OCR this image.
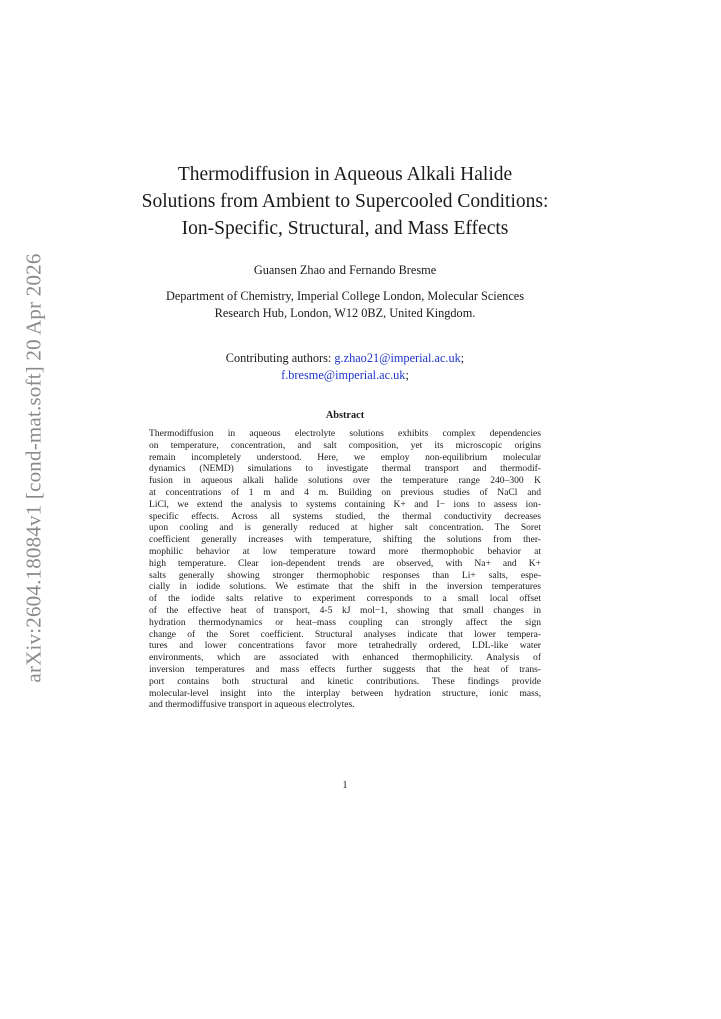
arXiv:2604.18084v1 [cond-mat.soft] 20 Apr 2026
Thermodiffusion in Aqueous Alkali Halide
Solutions from Ambient to Supercooled Conditions:
Ion-Specific, Structural, and Mass Effects
Guansen Zhao and Fernando Bresme
Department of Chemistry, Imperial College London, Molecular Sciences
Research Hub, London, W12 0BZ, United Kingdom.
Contributing authors: g.zhao21@imperial.ac.uk;
f.bresme@imperial.ac.uk;
Abstract
Thermodiffusion in aqueous electrolyte solutions exhibits complex dependencies
on temperature, concentration, and salt composition, yet its microscopic origins
remain incompletely understood. Here, we employ non-equilibrium molecular
dynamics (NEMD) simulations to investigate thermal transport and thermodif-
fusion in aqueous alkali halide solutions over the temperature range 240–300 K
at concentrations of 1 m and 4 m. Building on previous studies of NaCl and
LiCl, we extend the analysis to systems containing K+ and I− ions to assess ion-
specific effects. Across all systems studied, the thermal conductivity decreases
upon cooling and is generally reduced at higher salt concentration. The Soret
coefficient generally increases with temperature, shifting the solutions from ther-
mophilic behavior at low temperature toward more thermophobic behavior at
high temperature. Clear ion-dependent trends are observed, with Na+ and K+
salts generally showing stronger thermophobic responses than Li+ salts, espe-
cially in iodide solutions. We estimate that the shift in the inversion temperatures
of the iodide salts relative to experiment corresponds to a small local offset
of the effective heat of transport, 4-5 kJ mol−1, showing that small changes in
hydration thermodynamics or heat–mass coupling can strongly affect the sign
change of the Soret coefficient. Structural analyses indicate that lower tempera-
tures and lower concentrations favor more tetrahedrally ordered, LDL-like water
environments, which are associated with enhanced thermophilicity. Analysis of
inversion temperatures and mass effects further suggests that the heat of trans-
port contains both structural and kinetic contributions. These findings provide
molecular-level insight into the interplay between hydration structure, ionic mass,
and thermodiffusive transport in aqueous electrolytes.
1
